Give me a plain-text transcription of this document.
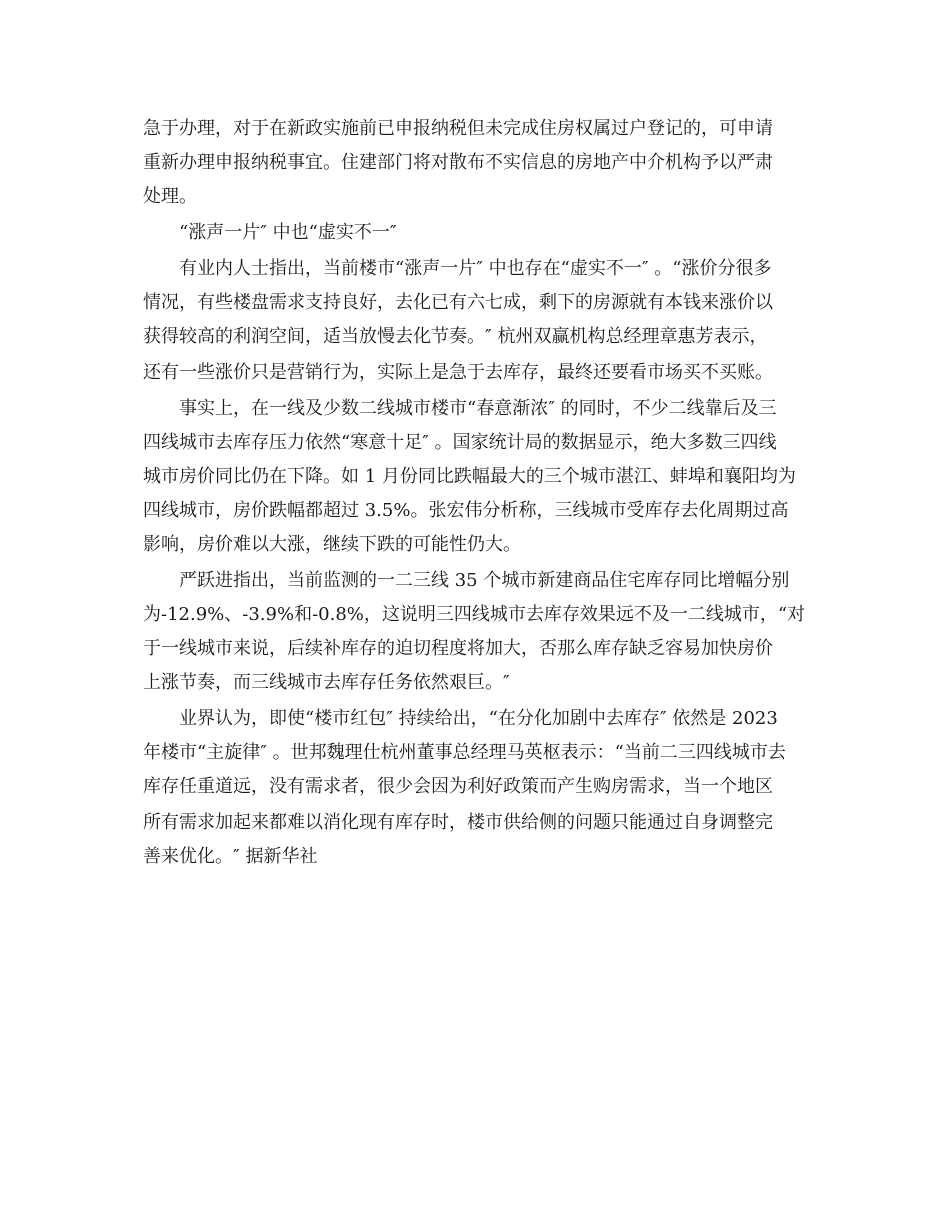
急于办理，对于在新政实施前已申报纳税但未完成住房权属过户登记的，可申请
重新办理申报纳税事宜。住建部门将对散布不实信息的房地产中介机构予以严肃
处理。
“涨声一片″ 中也“虚实不一″
有业内人士指出，当前楼市“涨声一片″ 中也存在“虚实不一″ 。“涨价分很多
情况，有些楼盘需求支持良好，去化已有六七成，剩下的房源就有本钱来涨价以
获得较高的利润空间，适当放慢去化节奏。″ 杭州双赢机构总经理章惠芳表示，
还有一些涨价只是营销行为，实际上是急于去库存，最终还要看市场买不买账。
事实上，在一线及少数二线城市楼市“春意渐浓″ 的同时，不少二线靠后及三
四线城市去库存压力依然“寒意十足″ 。国家统计局的数据显示，绝大多数三四线
城市房价同比仍在下降。如 1 月份同比跌幅最大的三个城市湛江、蚌埠和襄阳均为
四线城市，房价跌幅都超过 3.5%。张宏伟分析称，三线城市受库存去化周期过高
影响，房价难以大涨，继续下跌的可能性仍大。
严跃进指出，当前监测的一二三线 35 个城市新建商品住宅库存同比增幅分别
为-12.9%、-3.9%和-0.8%，这说明三四线城市去库存效果远不及一二线城市，“对
于一线城市来说，后续补库存的迫切程度将加大，否那么库存缺乏容易加快房价
上涨节奏，而三线城市去库存任务依然艰巨。″
业界认为，即使“楼市红包″ 持续给出，“在分化加剧中去库存″ 依然是 2023
年楼市“主旋律″ 。世邦魏理仕杭州董事总经理马英枢表示：“当前二三四线城市去
库存任重道远，没有需求者，很少会因为利好政策而产生购房需求，当一个地区
所有需求加起来都难以消化现有库存时，楼市供给侧的问题只能通过自身调整完
善来优化。″ 据新华社
